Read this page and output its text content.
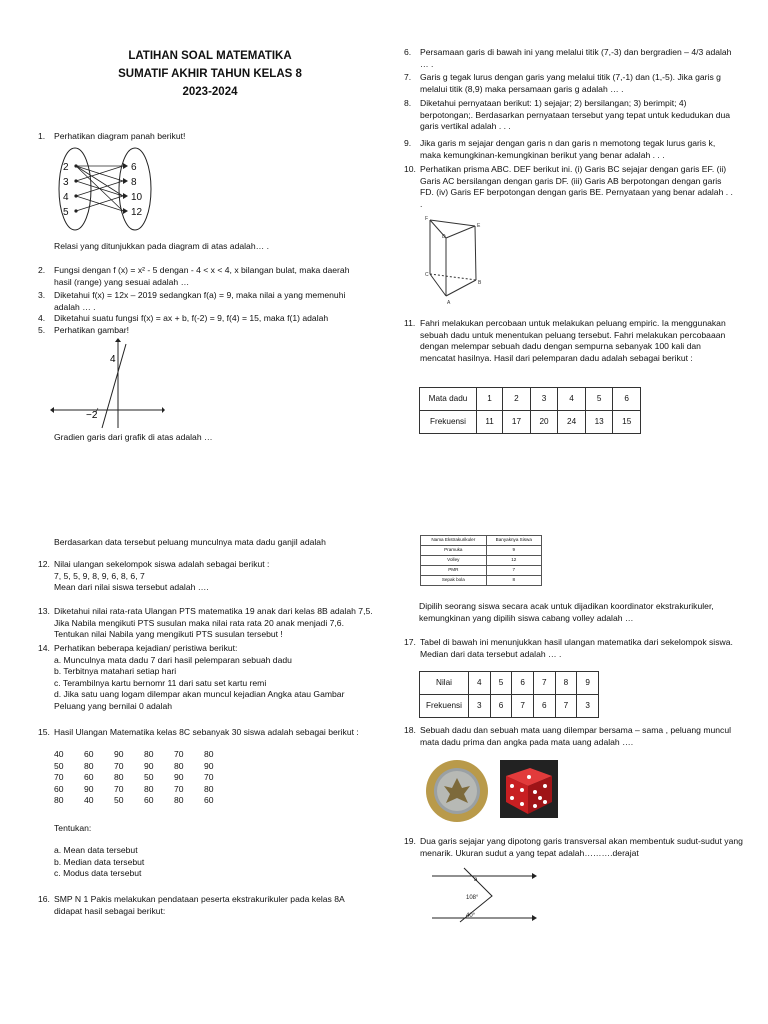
LATIHAN SOAL MATEMATIKA
SUMATIF AKHIR TAHUN KELAS 8
2023-2024
1. Perhatikan diagram panah berikut!
2
3
4
5
6
8
10
12
Relasi yang ditunjukkan pada diagram di atas adalah… .
2. Fungsi dengan f (x) = x² - 5 dengan - 4 < x < 4, x bilangan bulat, maka daerah hasil (range) yang sesuai adalah …
3. Diketahui f(x) = 12x – 2019 sedangkan f(a) = 9, maka nilai a yang memenuhi adalah … .
4. Diketahui suatu fungsi f(x) = ax + b, f(-2) = 9, f(4) = 15, maka f(1) adalah
5. Perhatikan gambar!
4
−2
Gradien garis dari grafik di atas adalah …
6. Persamaan garis di bawah ini yang melalui titik (7,-3) dan bergradien – 4/3 adalah … .
7. Garis g tegak lurus dengan garis yang melalui titik (7,-1) dan (1,-5). Jika garis g melalui titik (8,9) maka persamaan garis g adalah … .
8. Diketahui pernyataan berikut: 1) sejajar; 2) bersilangan; 3) berimpit; 4) berpotongan;. Berdasarkan pernyataan tersebut yang tepat untuk kedudukan dua garis vertikal adalah . . .
9. Jika garis m sejajar dengan garis n dan garis n memotong tegak lurus garis k, maka kemungkinan-kemungkinan berikut yang benar adalah . . .
10. Perhatikan prisma ABC. DEF berikut ini. (i) Garis BC sejajar dengan garis EF. (ii) Garis AC bersilangan dengan garis DF. (iii) Garis AB berpotongan dengan garis FD. (iv) Garis EF berpotongan dengan garis BE. Pernyataan yang benar adalah . . .
F
E
D
C
B
A
11. Fahri melakukan percobaan untuk melakukan peluang empiric. Ia menggunakan sebuah dadu untuk menentukan peluang tersebut. Fahri melakukan percobaaan dengan melempar sebuah dadu dengan sempurna sebanyak 100 kali dan mencatat hasilnya. Hasil dari pelemparan dadu adalah sebagai berikut :
Mata dadu	1	2	3	4	5	6
Frekuensi	11	17	20	24	13	15
Berdasarkan data tersebut peluang munculnya mata dadu ganjil adalah
12. Nilai ulangan sekelompok siswa adalah sebagai berikut :
7, 5, 5, 9, 8, 9, 6, 8, 6, 7
Mean dari nilai siswa tersebut adalah ….
13. Diketahui nilai rata-rata Ulangan PTS matematika 19 anak dari kelas 8B adalah 7,5. Jika Nabila mengikuti PTS susulan maka nilai rata rata 20 anak menjadi 7,6. Tentukan nilai Nabila yang mengikuti PTS susulan tersebut !
14. Perhatikan beberapa kejadian/ peristiwa berikut:
a. Munculnya mata dadu 7 dari hasil pelemparan sebuah dadu
b. Terbitnya matahari setiap hari
c. Terambilnya kartu bernomr 11 dari satu set kartu remi
d. Jika satu uang logam dilempar akan muncul kejadian Angka atau Gambar
Peluang yang bernilai 0 adalah
15. Hasil Ulangan Matematika kelas 8C sebanyak 30 siswa adalah sebagai berikut :
40 60 90 80 70 80
50 80 70 90 80 90
70 60 80 50 90 70
60 90 70 80 70 80
80 40 50 60 80 60
Tentukan:
a. Mean data tersebut
b. Median data tersebut
c. Modus data tersebut
16. SMP N 1 Pakis melakukan pendataan peserta ekstrakurikuler pada kelas 8A didapat hasil sebagai berikut:
Nama Ekstrakurikuler	Banyaknya Siswa
Pramuka	9
Volley	12
PMR	7
Sepak bola	8
Dipilih seorang siswa secara acak untuk dijadikan koordinator ekstrakurikuler, kemungkinan yang dipilih siswa cabang volley adalah …
17. Tabel di bawah ini menunjukkan hasil ulangan matematika dari sekelompok siswa. Median dari data tersebut adalah … .
Nilai	4	5	6	7	8	9
Frekuensi	3	6	7	6	7	3
18. Sebuah dadu dan sebuah mata uang dilempar bersama – sama , peluang muncul mata dadu prima dan angka pada mata uang adalah ….
19. Dua garis sejajar yang dipotong garis transversal akan membentuk sudut-sudut yang menarik. Ukuran sudut a yang tepat adalah……….derajat
a
108°
40°
